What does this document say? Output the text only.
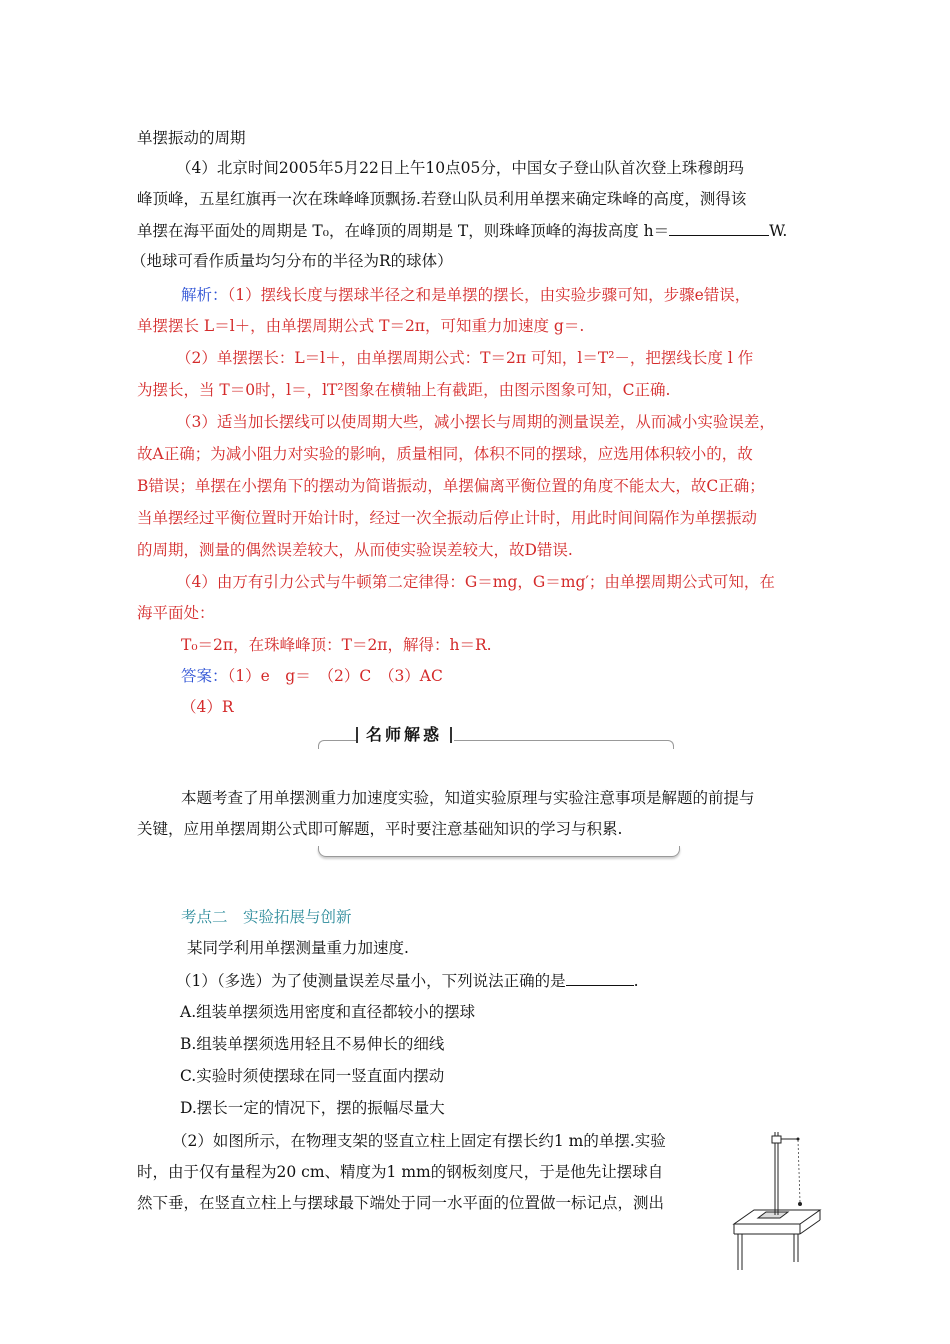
单摆振动的周期
（4）北京时间2005年5月22日上午10点05分，中国女子登山队首次登上珠穆朗玛
峰顶峰，五星红旗再一次在珠峰峰顶飘扬.若登山队员利用单摆来确定珠峰的高度，测得该
单摆在海平面处的周期是 T₀，在峰顶的周期是 T，则珠峰顶峰的海拔高度 h＝	W.
（地球可看作质量均匀分布的半径为R的球体）
解析：（1）摆线长度与摆球半径之和是单摆的摆长，由实验步骤可知，步骤e错误，
单摆摆长 L＝l＋，由单摆周期公式 T＝2π，可知重力加速度 g＝.
（2）单摆摆长：L＝l＋，由单摆周期公式：T＝2π 可知，l＝T²－，把摆线长度 l 作
为摆长，当 T＝0时，l＝，lT²图象在横轴上有截距，由图示图象可知，C正确.
（3）适当加长摆线可以使周期大些，减小摆长与周期的测量误差，从而减小实验误差，
故A正确；为减小阻力对实验的影响，质量相同，体积不同的摆球，应选用体积较小的，故
B错误；单摆在小摆角下的摆动为简谐振动，单摆偏离平衡位置的角度不能太大，故C正确；
当单摆经过平衡位置时开始计时，经过一次全振动后停止计时，用此时间间隔作为单摆振动
的周期，测量的偶然误差较大，从而使实验误差较大，故D错误.
（4）由万有引力公式与牛顿第二定律得：G＝mg，G＝mg′；由单摆周期公式可知，在
海平面处：
T₀＝2π，在珠峰峰顶：T＝2π，解得：h＝R.
答案：（1）e　g＝　（2）C　（3）AC
（4）R
名师解惑
本题考查了用单摆测重力加速度实验，知道实验原理与实验注意事项是解题的前提与
关键，应用单摆周期公式即可解题，平时要注意基础知识的学习与积累.
考点二　实验拓展与创新
某同学利用单摆测量重力加速度.
（1）（多选）为了使测量误差尽量小，下列说法正确的是	.
A.组装单摆须选用密度和直径都较小的摆球
B.组装单摆须选用轻且不易伸长的细线
C.实验时须使摆球在同一竖直面内摆动
D.摆长一定的情况下，摆的振幅尽量大
（2）如图所示，在物理支架的竖直立柱上固定有摆长约1 m的单摆.实验
时，由于仅有量程为20 cm、精度为1 mm的钢板刻度尺，于是他先让摆球自
然下垂，在竖直立柱上与摆球最下端处于同一水平面的位置做一标记点，测出
